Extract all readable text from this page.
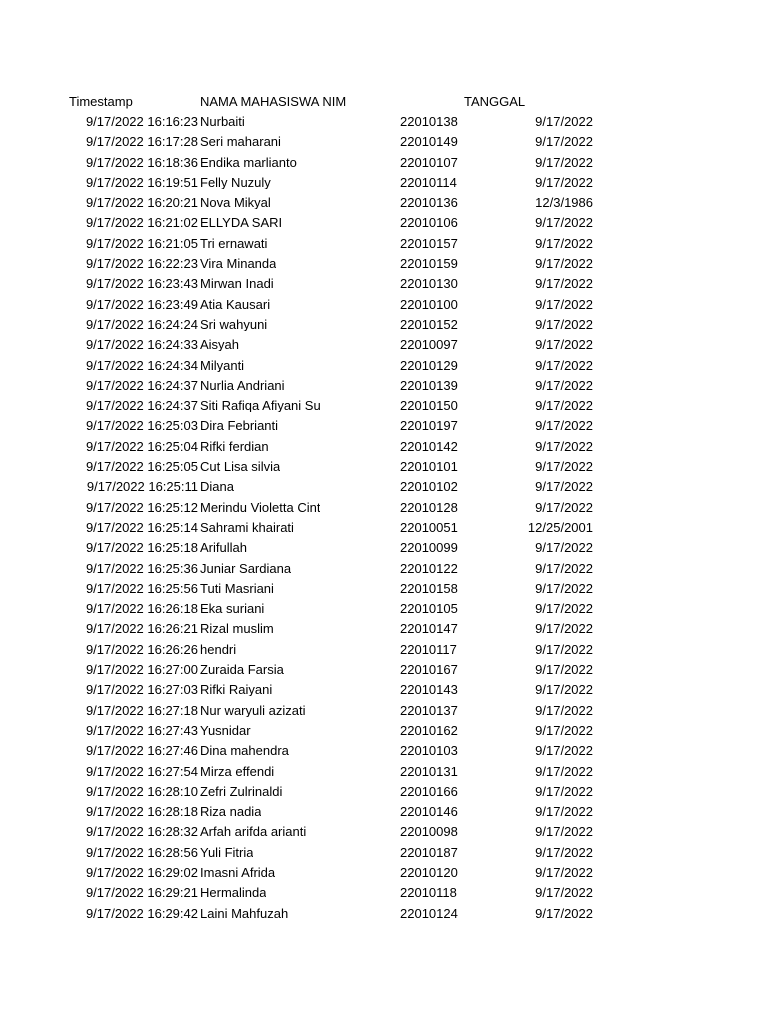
Timestamp	NAMA MAHASISWA NIM	TANGGAL
9/17/2022 16:16:23 Nurbaiti	22010138	9/17/2022
9/17/2022 16:17:28 Seri maharani	22010149	9/17/2022
9/17/2022 16:18:36 Endika marlianto	22010107	9/17/2022
9/17/2022 16:19:51 Felly Nuzuly	22010114	9/17/2022
9/17/2022 16:20:21 Nova Mikyal	22010136	12/3/1986
9/17/2022 16:21:02 ELLYDA SARI	22010106	9/17/2022
9/17/2022 16:21:05 Tri ernawati	22010157	9/17/2022
9/17/2022 16:22:23 Vira Minanda	22010159	9/17/2022
9/17/2022 16:23:43 Mirwan Inadi	22010130	9/17/2022
9/17/2022 16:23:49 Atia Kausari	22010100	9/17/2022
9/17/2022 16:24:24 Sri wahyuni	22010152	9/17/2022
9/17/2022 16:24:33 Aisyah	22010097	9/17/2022
9/17/2022 16:24:34 Milyanti	22010129	9/17/2022
9/17/2022 16:24:37 Nurlia Andriani	22010139	9/17/2022
9/17/2022 16:24:37 Siti Rafiqa Afiyani Su	22010150	9/17/2022
9/17/2022 16:25:03 Dira Febrianti	22010197	9/17/2022
9/17/2022 16:25:04 Rifki ferdian	22010142	9/17/2022
9/17/2022 16:25:05 Cut Lisa silvia	22010101	9/17/2022
9/17/2022 16:25:11 Diana	22010102	9/17/2022
9/17/2022 16:25:12 Merindu Violetta Cint	22010128	9/17/2022
9/17/2022 16:25:14 Sahrami khairati	22010051	12/25/2001
9/17/2022 16:25:18 Arifullah	22010099	9/17/2022
9/17/2022 16:25:36 Juniar Sardiana	22010122	9/17/2022
9/17/2022 16:25:56 Tuti Masriani	22010158	9/17/2022
9/17/2022 16:26:18 Eka suriani	22010105	9/17/2022
9/17/2022 16:26:21 Rizal muslim	22010147	9/17/2022
9/17/2022 16:26:26 hendri	22010117	9/17/2022
9/17/2022 16:27:00 Zuraida Farsia	22010167	9/17/2022
9/17/2022 16:27:03 Rifki Raiyani	22010143	9/17/2022
9/17/2022 16:27:18 Nur waryuli azizati	22010137	9/17/2022
9/17/2022 16:27:43 Yusnidar	22010162	9/17/2022
9/17/2022 16:27:46 Dina mahendra	22010103	9/17/2022
9/17/2022 16:27:54 Mirza effendi	22010131	9/17/2022
9/17/2022 16:28:10 Zefri Zulrinaldi	22010166	9/17/2022
9/17/2022 16:28:18 Riza nadia	22010146	9/17/2022
9/17/2022 16:28:32 Arfah arifda arianti	22010098	9/17/2022
9/17/2022 16:28:56 Yuli Fitria	22010187	9/17/2022
9/17/2022 16:29:02 Imasni Afrida	22010120	9/17/2022
9/17/2022 16:29:21 Hermalinda	22010118	9/17/2022
9/17/2022 16:29:42 Laini Mahfuzah	22010124	9/17/2022
